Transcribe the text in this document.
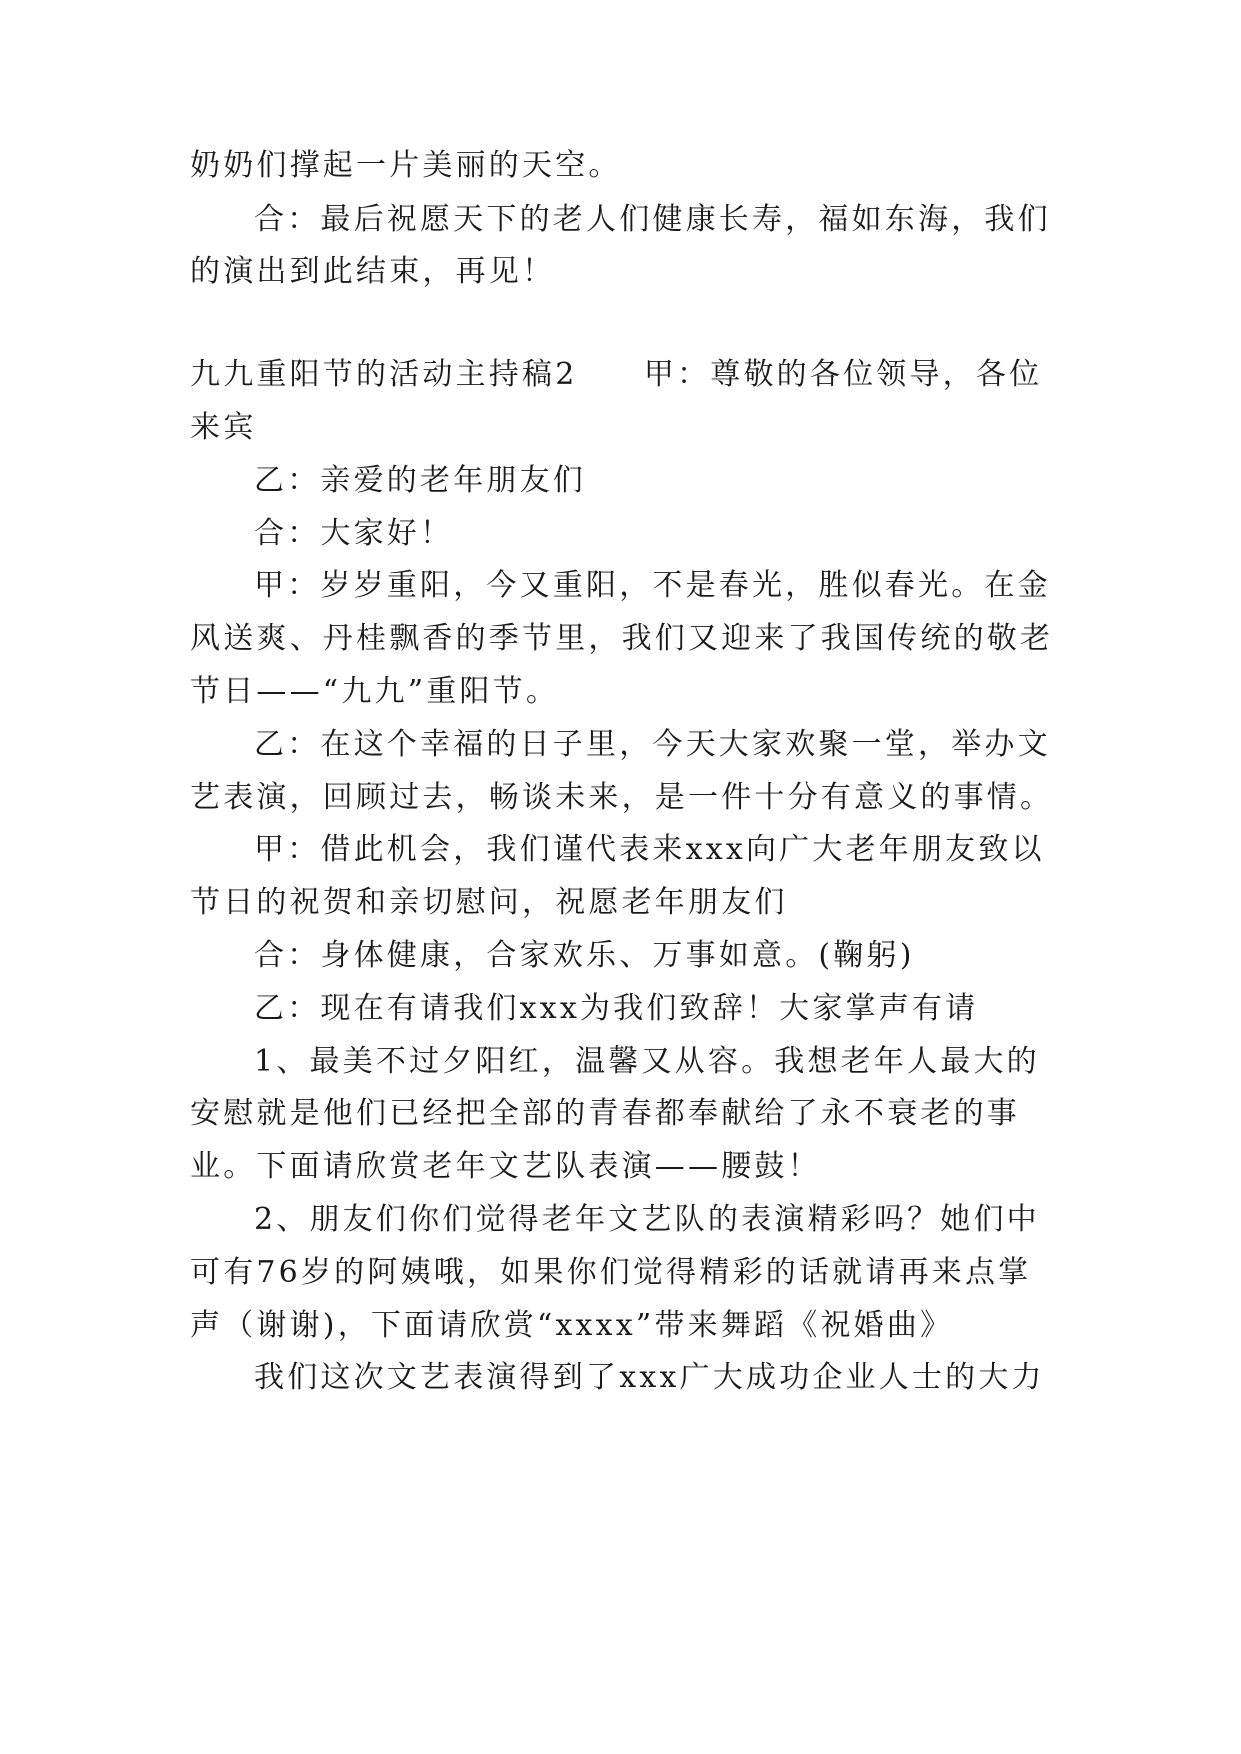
奶奶们撑起一片美丽的天空。
合：最后祝愿天下的老人们健康长寿，福如东海，我们
的演出到此结束，再见！
九九重阳节的活动主持稿2　　甲：尊敬的各位领导，各位
来宾
乙：亲爱的老年朋友们
合：大家好！
甲：岁岁重阳，今又重阳，不是春光，胜似春光。在金
风送爽、丹桂飘香的季节里，我们又迎来了我国传统的敬老
节日——“九九”重阳节。
乙：在这个幸福的日子里，今天大家欢聚一堂，举办文
艺表演，回顾过去，畅谈未来，是一件十分有意义的事情。
甲：借此机会，我们谨代表来xxx向广大老年朋友致以
节日的祝贺和亲切慰问，祝愿老年朋友们
合：身体健康，合家欢乐、万事如意。(鞠躬)
乙：现在有请我们xxx为我们致辞！大家掌声有请
1、最美不过夕阳红，温馨又从容。我想老年人最大的
安慰就是他们已经把全部的青春都奉献给了永不衰老的事
业。下面请欣赏老年文艺队表演——腰鼓！
2、朋友们你们觉得老年文艺队的表演精彩吗？她们中
可有76岁的阿姨哦，如果你们觉得精彩的话就请再来点掌
声（谢谢)，下面请欣赏“xxxx”带来舞蹈《祝婚曲》
我们这次文艺表演得到了xxx广大成功企业人士的大力
